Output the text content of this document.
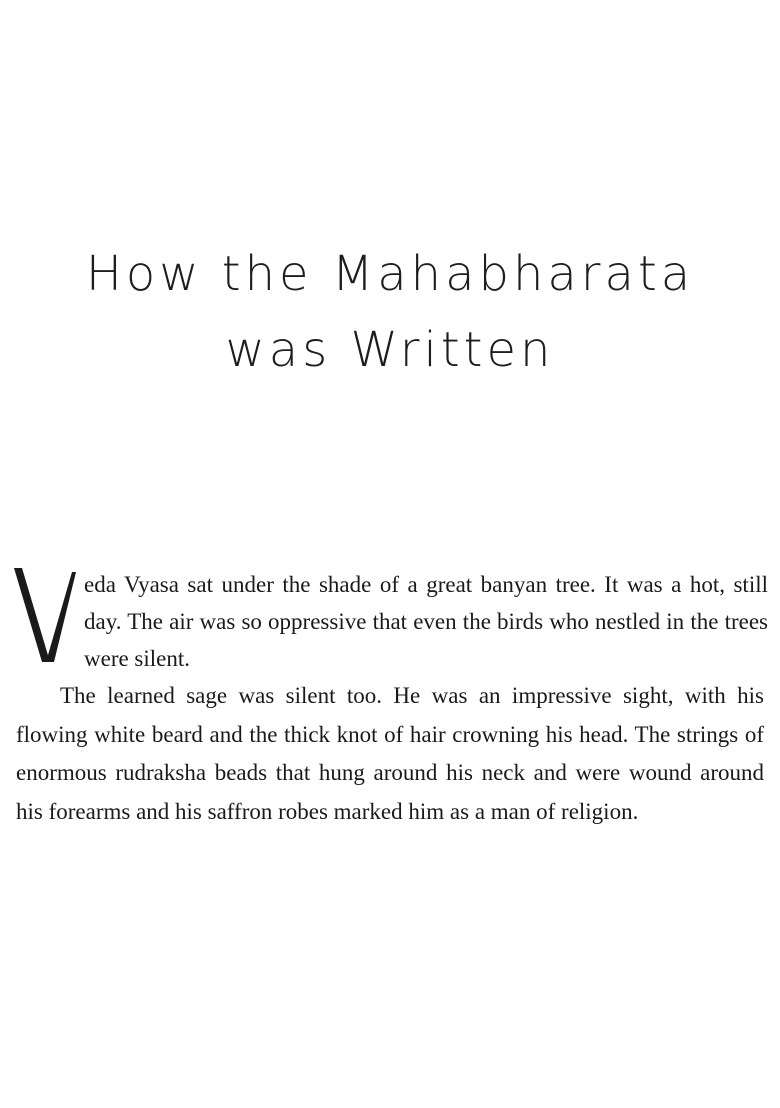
How the Mahabharata
was Written
V
eda Vyasa sat under the shade of a great banyan tree. It was a hot, still day. The air was so oppressive that even the birds who nestled in the trees were silent.
The learned sage was silent too. He was an impressive sight, with his flowing white beard and the thick knot of hair crowning his head. The strings of enormous rudraksha beads that hung around his neck and were wound around his forearms and his saffron robes marked him as a man of religion.
